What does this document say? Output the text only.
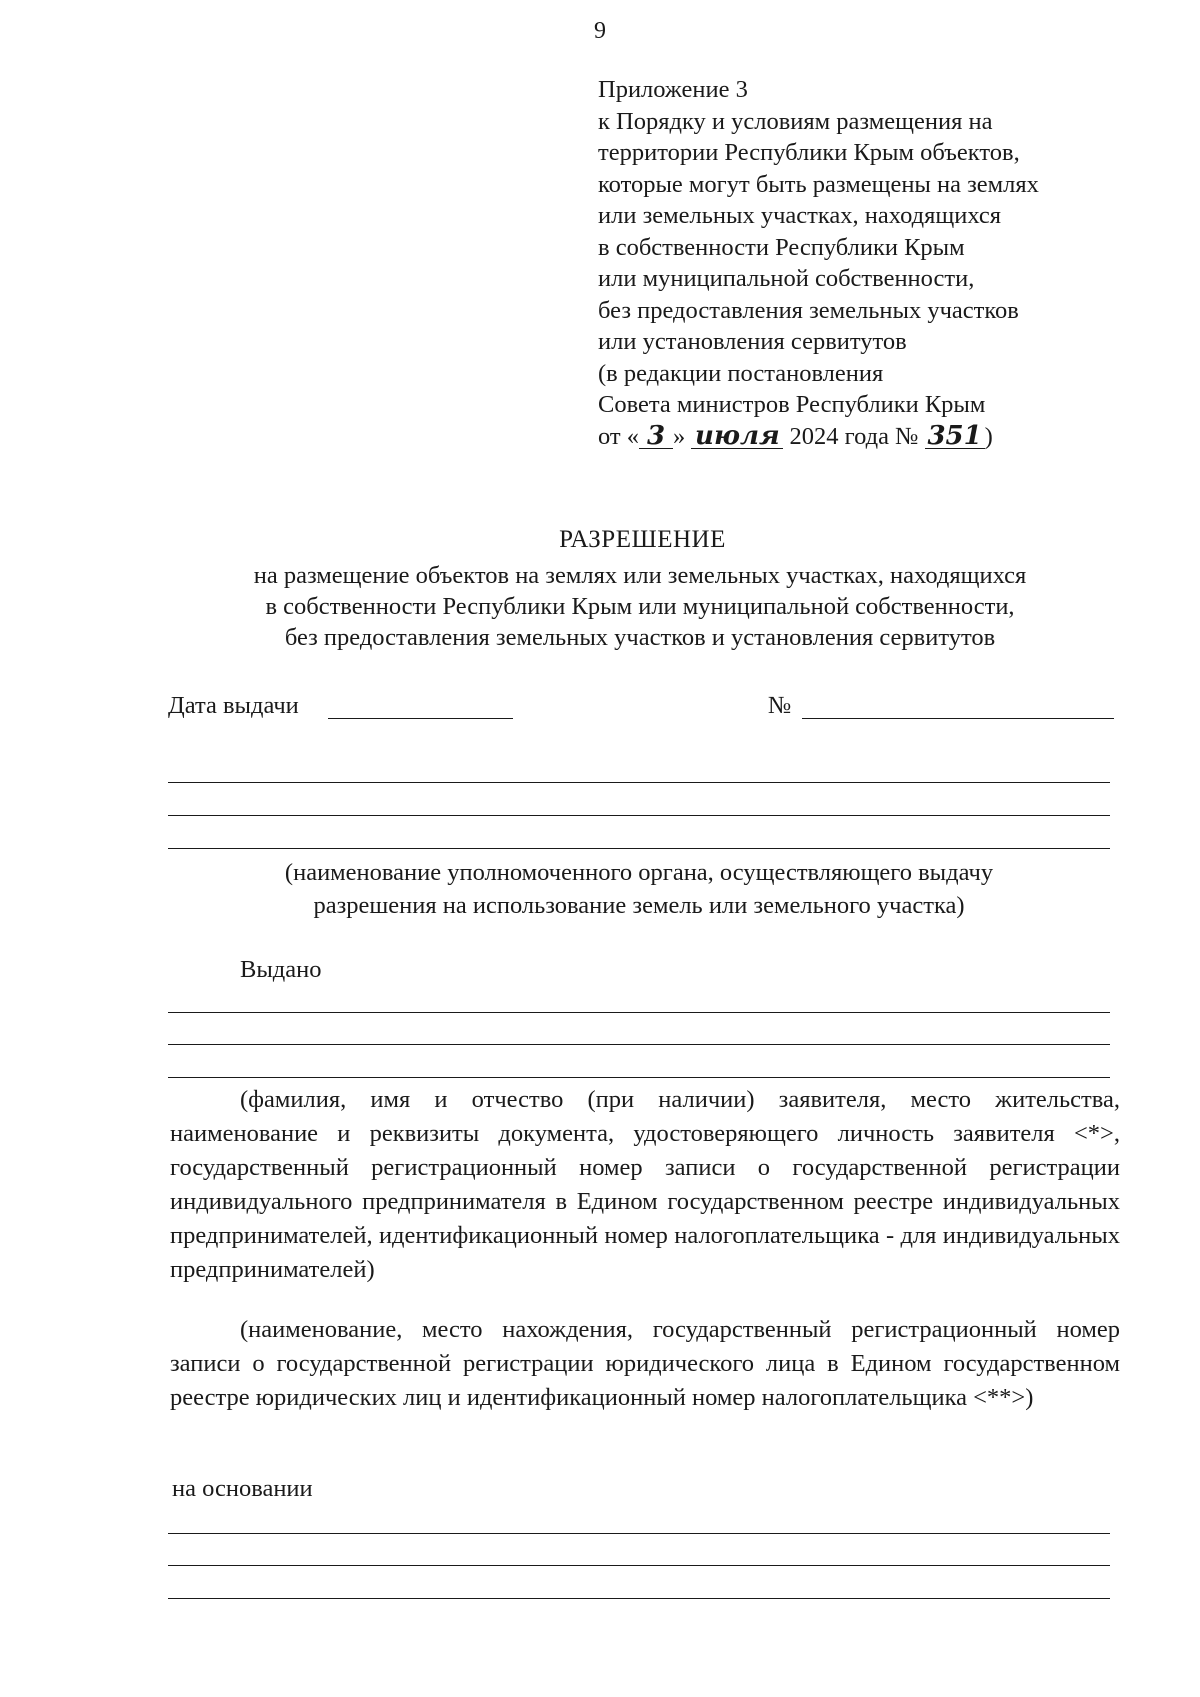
9
Приложение 3
к Порядку и условиям размещения на
территории Республики Крым объектов,
которые могут быть размещены на землях
или земельных участках, находящихся
в собственности Республики Крым
или муниципальной собственности,
без предоставления земельных участков
или установления сервитутов
(в редакции постановления
Совета министров Республики Крым
от « 3 » июля 2024 года № 351 )
РАЗРЕШЕНИЕ
на размещение объектов на землях или земельных участках, находящихся
в собственности Республики Крым или муниципальной собственности,
без предоставления земельных участков и установления сервитутов
Дата выдачи	№
(наименование уполномоченного органа, осуществляющего выдачу
разрешения на использование земель или земельного участка)
Выдано
(фамилия, имя и отчество (при наличии) заявителя, место жительства, наименование и реквизиты документа, удостоверяющего личность заявителя <*>, государственный регистрационный номер записи о государственной регистрации индивидуального предпринимателя в Едином государственном реестре индивидуальных предпринимателей, идентификационный номер налогоплательщика - для индивидуальных предпринимателей)
(наименование, место нахождения, государственный регистрационный номер записи о государственной регистрации юридического лица в Едином государственном реестре юридических лиц и идентификационный номер налогоплательщика <**>)
на основании
